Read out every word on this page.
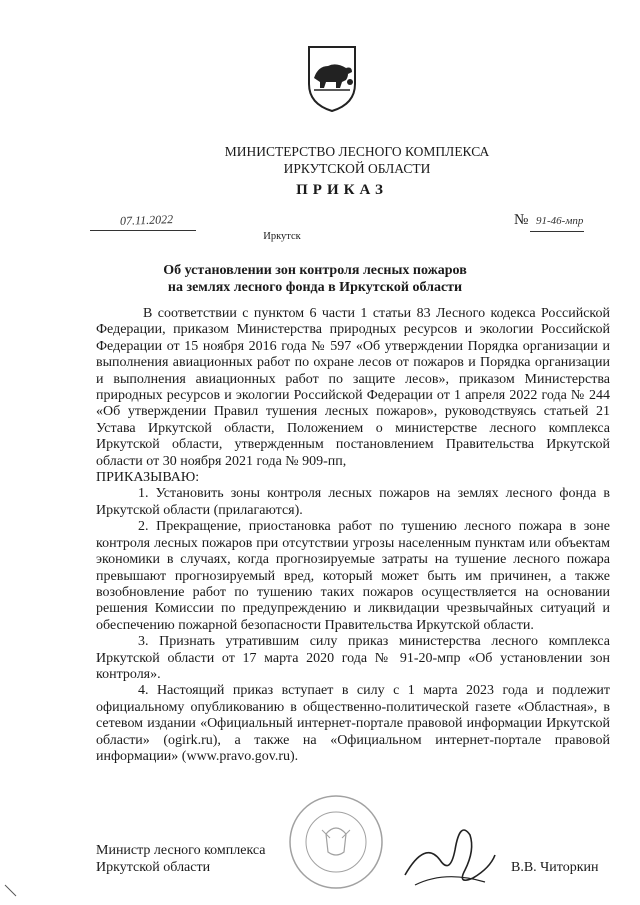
МИНИСТЕРСТВО ЛЕСНОГО КОМПЛЕКСА
ИРКУТСКОЙ ОБЛАСТИ
ПРИКАЗ
07.11.2022
Иркутск
№ 91-46-мпр
Об установлении зон контроля лесных пожаров
на землях лесного фонда в Иркутской области

В соответствии с пунктом 6 части 1 статьи 83 Лесного кодекса Российской Федерации, приказом Министерства природных ресурсов и экологии Российской Федерации от 15 ноября 2016 года № 597 «Об утверждении Порядка организации и выполнения авиационных работ по охране лесов от пожаров и Порядка организации и выполнения авиационных работ по защите лесов», приказом Министерства природных ресурсов и экологии Российской Федерации от 1 апреля 2022 года № 244 «Об утверждении Правил тушения лесных пожаров», руководствуясь статьей 21 Устава Иркутской области, Положением о министерстве лесного комплекса Иркутской области, утвержденным постановлением Правительства Иркутской области от 30 ноября 2021 года № 909-пп,

ПРИКАЗЫВАЮ:

1. Установить зоны контроля лесных пожаров на землях лесного фонда в Иркутской области (прилагаются).

2. Прекращение, приостановка работ по тушению лесного пожара в зоне контроля лесных пожаров при отсутствии угрозы населенным пунктам или объектам экономики в случаях, когда прогнозируемые затраты на тушение лесного пожара превышают прогнозируемый вред, который может быть им причинен, а также возобновление работ по тушению таких пожаров осуществляется на основании решения Комиссии по предупреждению и ликвидации чрезвычайных ситуаций и обеспечению пожарной безопасности Правительства Иркутской области.

3. Признать утратившим силу приказ министерства лесного комплекса Иркутской области от 17 марта 2020 года № 91-20-мпр «Об установлении зон контроля».

4. Настоящий приказ вступает в силу с 1 марта 2023 года и подлежит официальному опубликованию в общественно-политической газете «Областная», в сетевом издании «Официальный интернет-портале правовой информации Иркутской области» (ogirk.ru), а также на «Официальном интернет-портале правовой информации» (www.pravo.gov.ru).

Министр лесного комплекса
Иркутской области	В.В. Читоркин
